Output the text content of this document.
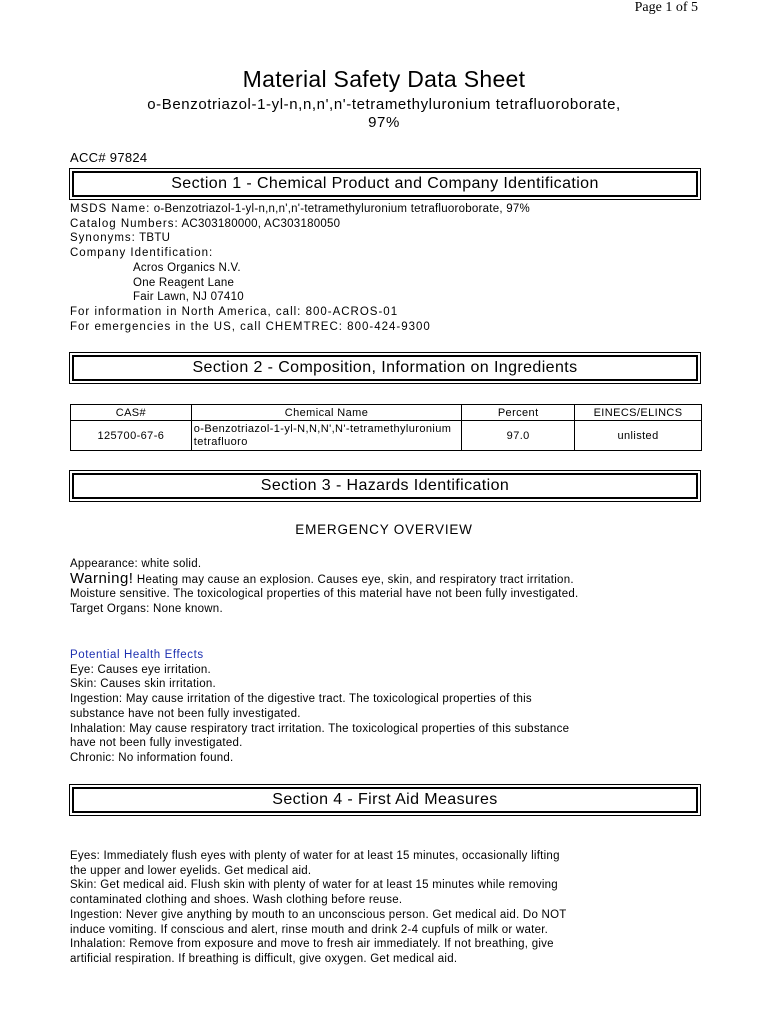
Page 1 of 5
Material Safety Data Sheet
o-Benzotriazol-1-yl-n,n,n',n'-tetramethyluronium tetrafluoroborate,
97%
ACC# 97824
Section 1 - Chemical Product and Company Identification
MSDS Name: o-Benzotriazol-1-yl-n,n,n',n'-tetramethyluronium tetrafluoroborate, 97%
Catalog Numbers: AC303180000, AC303180050
Synonyms: TBTU
Company Identification:
Acros Organics N.V.
One Reagent Lane
Fair Lawn, NJ 07410
For information in North America, call: 800-ACROS-01
For emergencies in the US, call CHEMTREC: 800-424-9300
Section 2 - Composition, Information on Ingredients
CAS#	Chemical Name	Percent	EINECS/ELINCS
125700-67-6	o-Benzotriazol-1-yl-N,N,N',N'-tetramethyluronium tetrafluoro	97.0	unlisted
Section 3 - Hazards Identification
EMERGENCY OVERVIEW
Appearance: white solid.
Warning! Heating may cause an explosion. Causes eye, skin, and respiratory tract irritation.
Moisture sensitive. The toxicological properties of this material have not been fully investigated.
Target Organs: None known.
Potential Health Effects
Eye: Causes eye irritation.
Skin: Causes skin irritation.
Ingestion: May cause irritation of the digestive tract. The toxicological properties of this
substance have not been fully investigated.
Inhalation: May cause respiratory tract irritation. The toxicological properties of this substance
have not been fully investigated.
Chronic: No information found.
Section 4 - First Aid Measures
Eyes: Immediately flush eyes with plenty of water for at least 15 minutes, occasionally lifting
the upper and lower eyelids. Get medical aid.
Skin: Get medical aid. Flush skin with plenty of water for at least 15 minutes while removing
contaminated clothing and shoes. Wash clothing before reuse.
Ingestion: Never give anything by mouth to an unconscious person. Get medical aid. Do NOT
induce vomiting. If conscious and alert, rinse mouth and drink 2-4 cupfuls of milk or water.
Inhalation: Remove from exposure and move to fresh air immediately. If not breathing, give
artificial respiration. If breathing is difficult, give oxygen. Get medical aid.
